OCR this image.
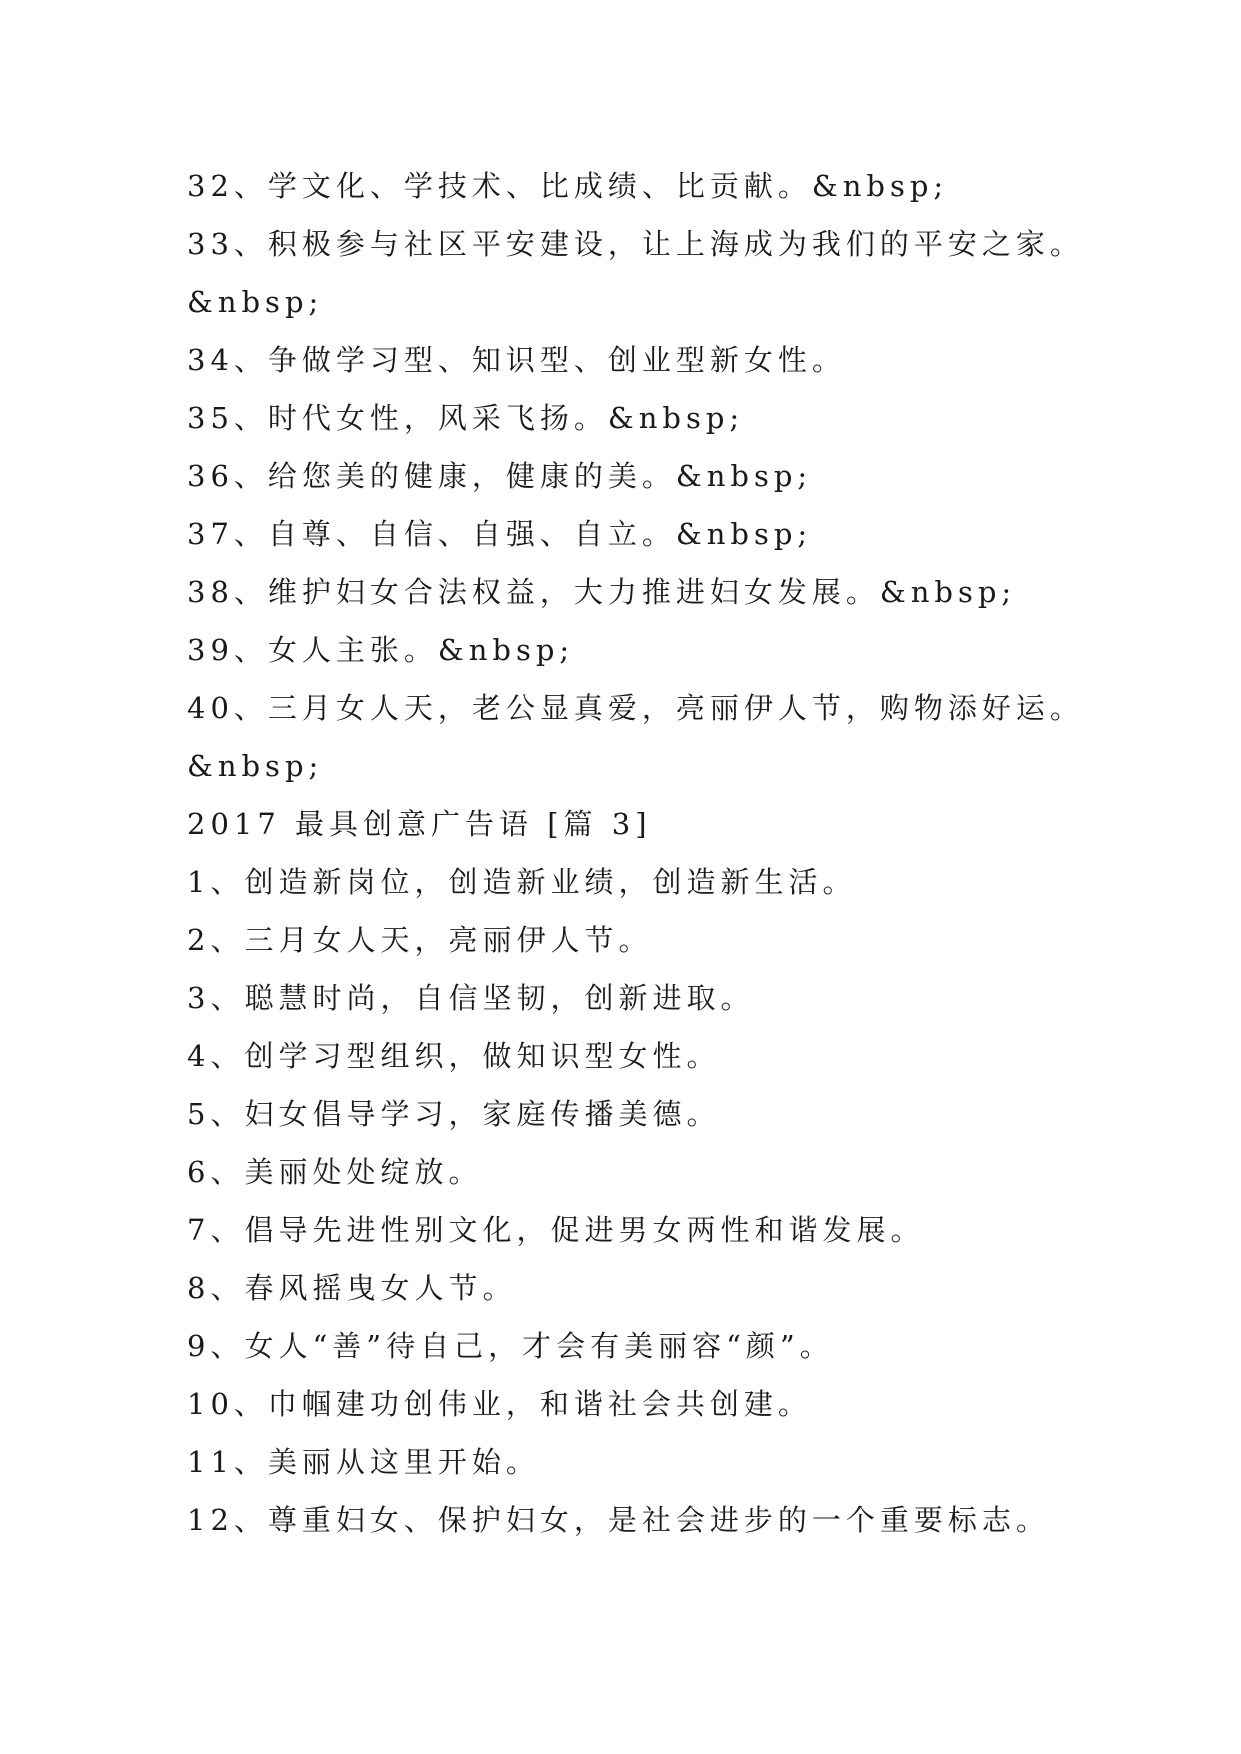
32、学文化、学技术、比成绩、比贡献。&nbsp;
33、积极参与社区平安建设，让上海成为我们的平安之家。
&nbsp;
34、争做学习型、知识型、创业型新女性。
35、时代女性，风采飞扬。&nbsp;
36、给您美的健康，健康的美。&nbsp;
37、自尊、自信、自强、自立。&nbsp;
38、维护妇女合法权益，大力推进妇女发展。&nbsp;
39、女人主张。&nbsp;
40、三月女人天，老公显真爱，亮丽伊人节，购物添好运。
&nbsp;
2017 最具创意广告语 [篇 3]
1、创造新岗位，创造新业绩，创造新生活。
2、三月女人天，亮丽伊人节。
3、聪慧时尚，自信坚韧，创新进取。
4、创学习型组织，做知识型女性。
5、妇女倡导学习，家庭传播美德。
6、美丽处处绽放。
7、倡导先进性别文化，促进男女两性和谐发展。
8、春风摇曳女人节。
9、女人“善”待自己，才会有美丽容“颜”。
10、巾帼建功创伟业，和谐社会共创建。
11、美丽从这里开始。
12、尊重妇女、保护妇女，是社会进步的一个重要标志。
